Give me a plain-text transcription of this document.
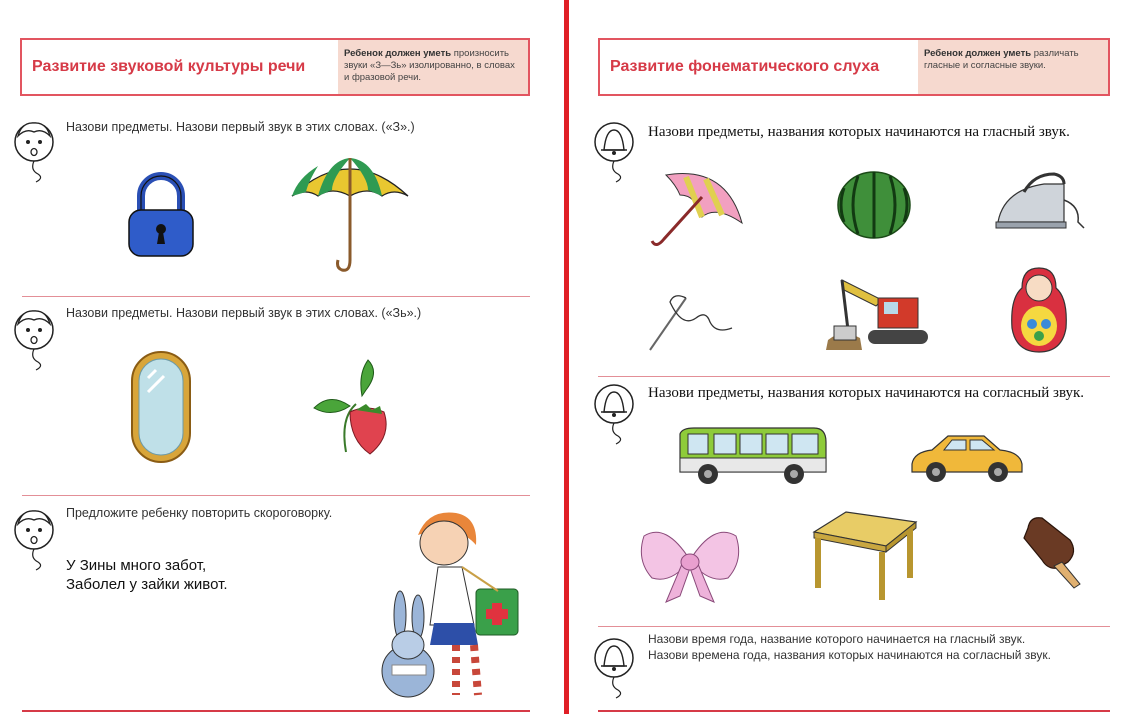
Развитие звуковой культуры речи
Ребенок должен уметь произносить звуки «З—Зь» изолированно, в словах и фразовой речи.
Назови предметы. Назови первый звук в этих словах. («З».)
Назови предметы. Назови первый звук в этих словах. («Зь».)
Предложите ребенку повторить скороговорку.
У Зины много забот,
Заболел у зайки живот.
Развитие фонематического слуха
Ребенок должен уметь различать гласные и согласные звуки.
Назови предметы, названия которых начинаются на гласный звук.
Назови предметы, названия которых начинаются на согласный звук.
Назови время года, название которого начинается на гласный звук.
Назови времена года, названия которых начинаются на согласный звук.
